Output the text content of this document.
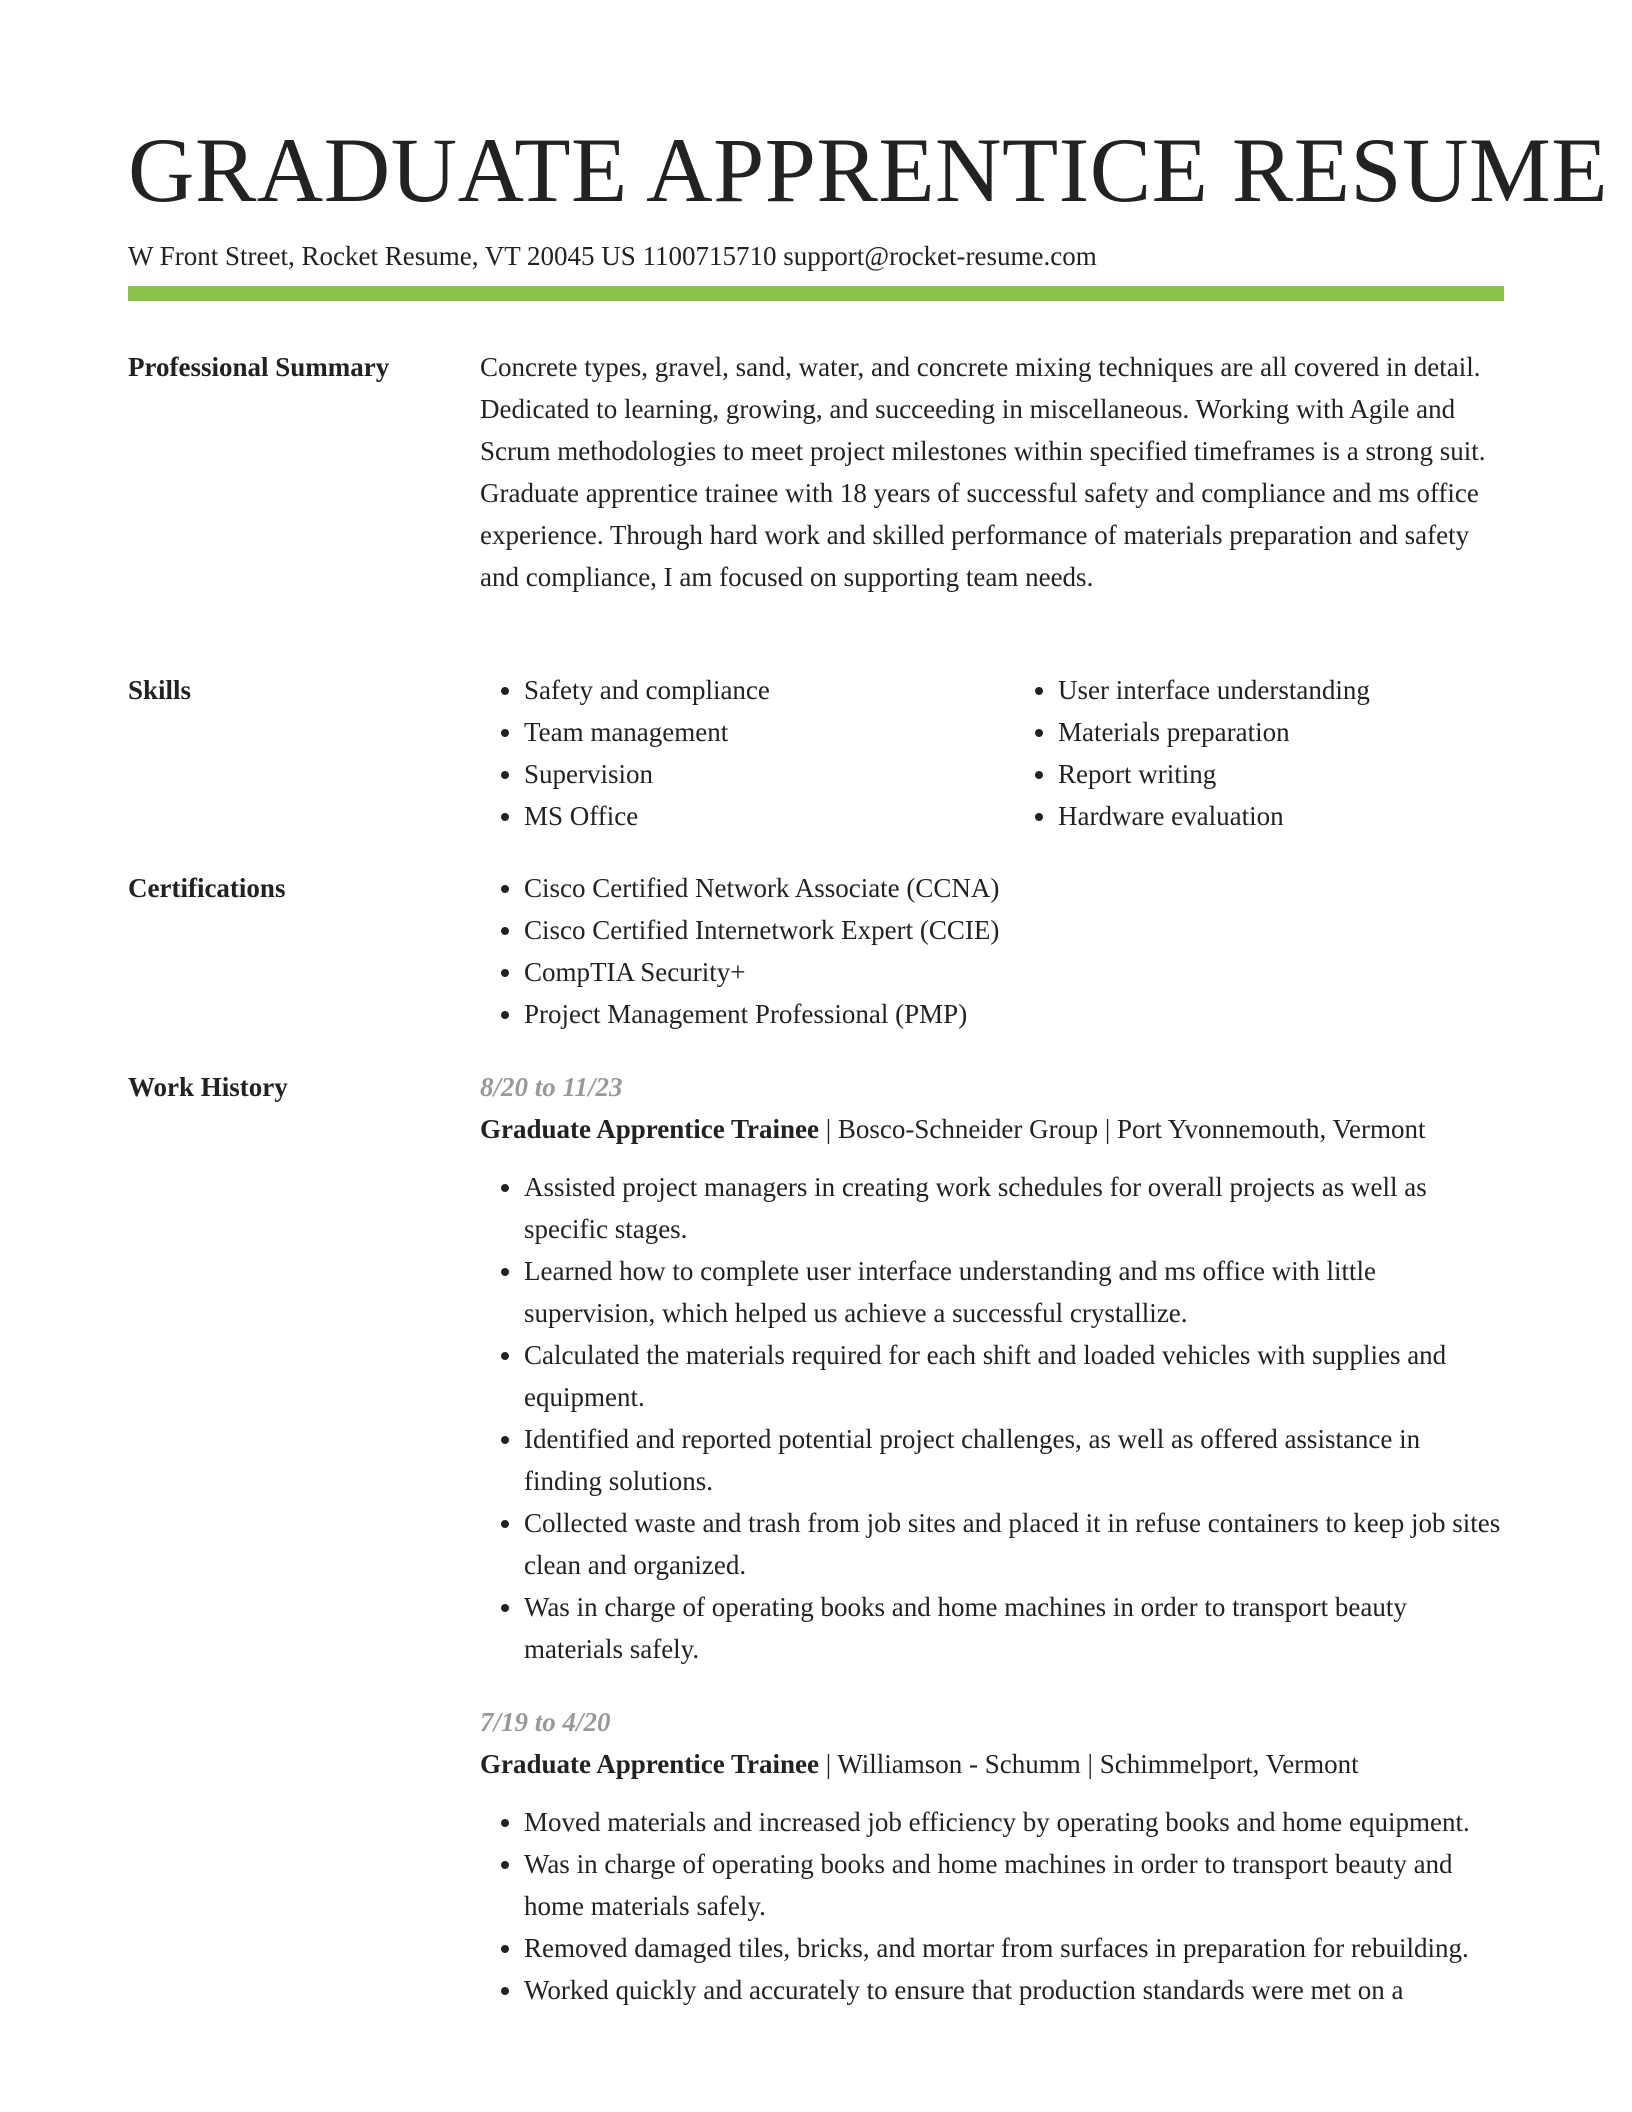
GRADUATE APPRENTICE RESUME
W Front Street, Rocket Resume, VT 20045 US 1100715710 support@rocket-resume.com
Professional Summary	Concrete types, gravel, sand, water, and concrete mixing techniques are all covered in detail. Dedicated to learning, growing, and succeeding in miscellaneous. Working with Agile and Scrum methodologies to meet project milestones within specified timeframes is a strong suit. Graduate apprentice trainee with 18 years of successful safety and compliance and ms office experience. Through hard work and skilled performance of materials preparation and safety and compliance, I am focused on supporting team needs.

Skills	• Safety and compliance
• Team management
• Supervision
• MS Office
• User interface understanding
• Materials preparation
• Report writing
• Hardware evaluation
Certifications	• Cisco Certified Network Associate (CCNA)
• Cisco Certified Internetwork Expert (CCIE)
• CompTIA Security+
• Project Management Professional (PMP)
Work History	8/20 to 11/23
Graduate Apprentice Trainee | Bosco-Schneider Group | Port Yvonnemouth, Vermont
• Assisted project managers in creating work schedules for overall projects as well as specific stages.
• Learned how to complete user interface understanding and ms office with little supervision, which helped us achieve a successful crystallize.
• Calculated the materials required for each shift and loaded vehicles with supplies and equipment.
• Identified and reported potential project challenges, as well as offered assistance in finding solutions.
• Collected waste and trash from job sites and placed it in refuse containers to keep job sites clean and organized.
• Was in charge of operating books and home machines in order to transport beauty materials safely.
7/19 to 4/20
Graduate Apprentice Trainee | Williamson - Schumm | Schimmelport, Vermont
• Moved materials and increased job efficiency by operating books and home equipment.
• Was in charge of operating books and home machines in order to transport beauty and home materials safely.
• Removed damaged tiles, bricks, and mortar from surfaces in preparation for rebuilding.
• Worked quickly and accurately to ensure that production standards were met on a
